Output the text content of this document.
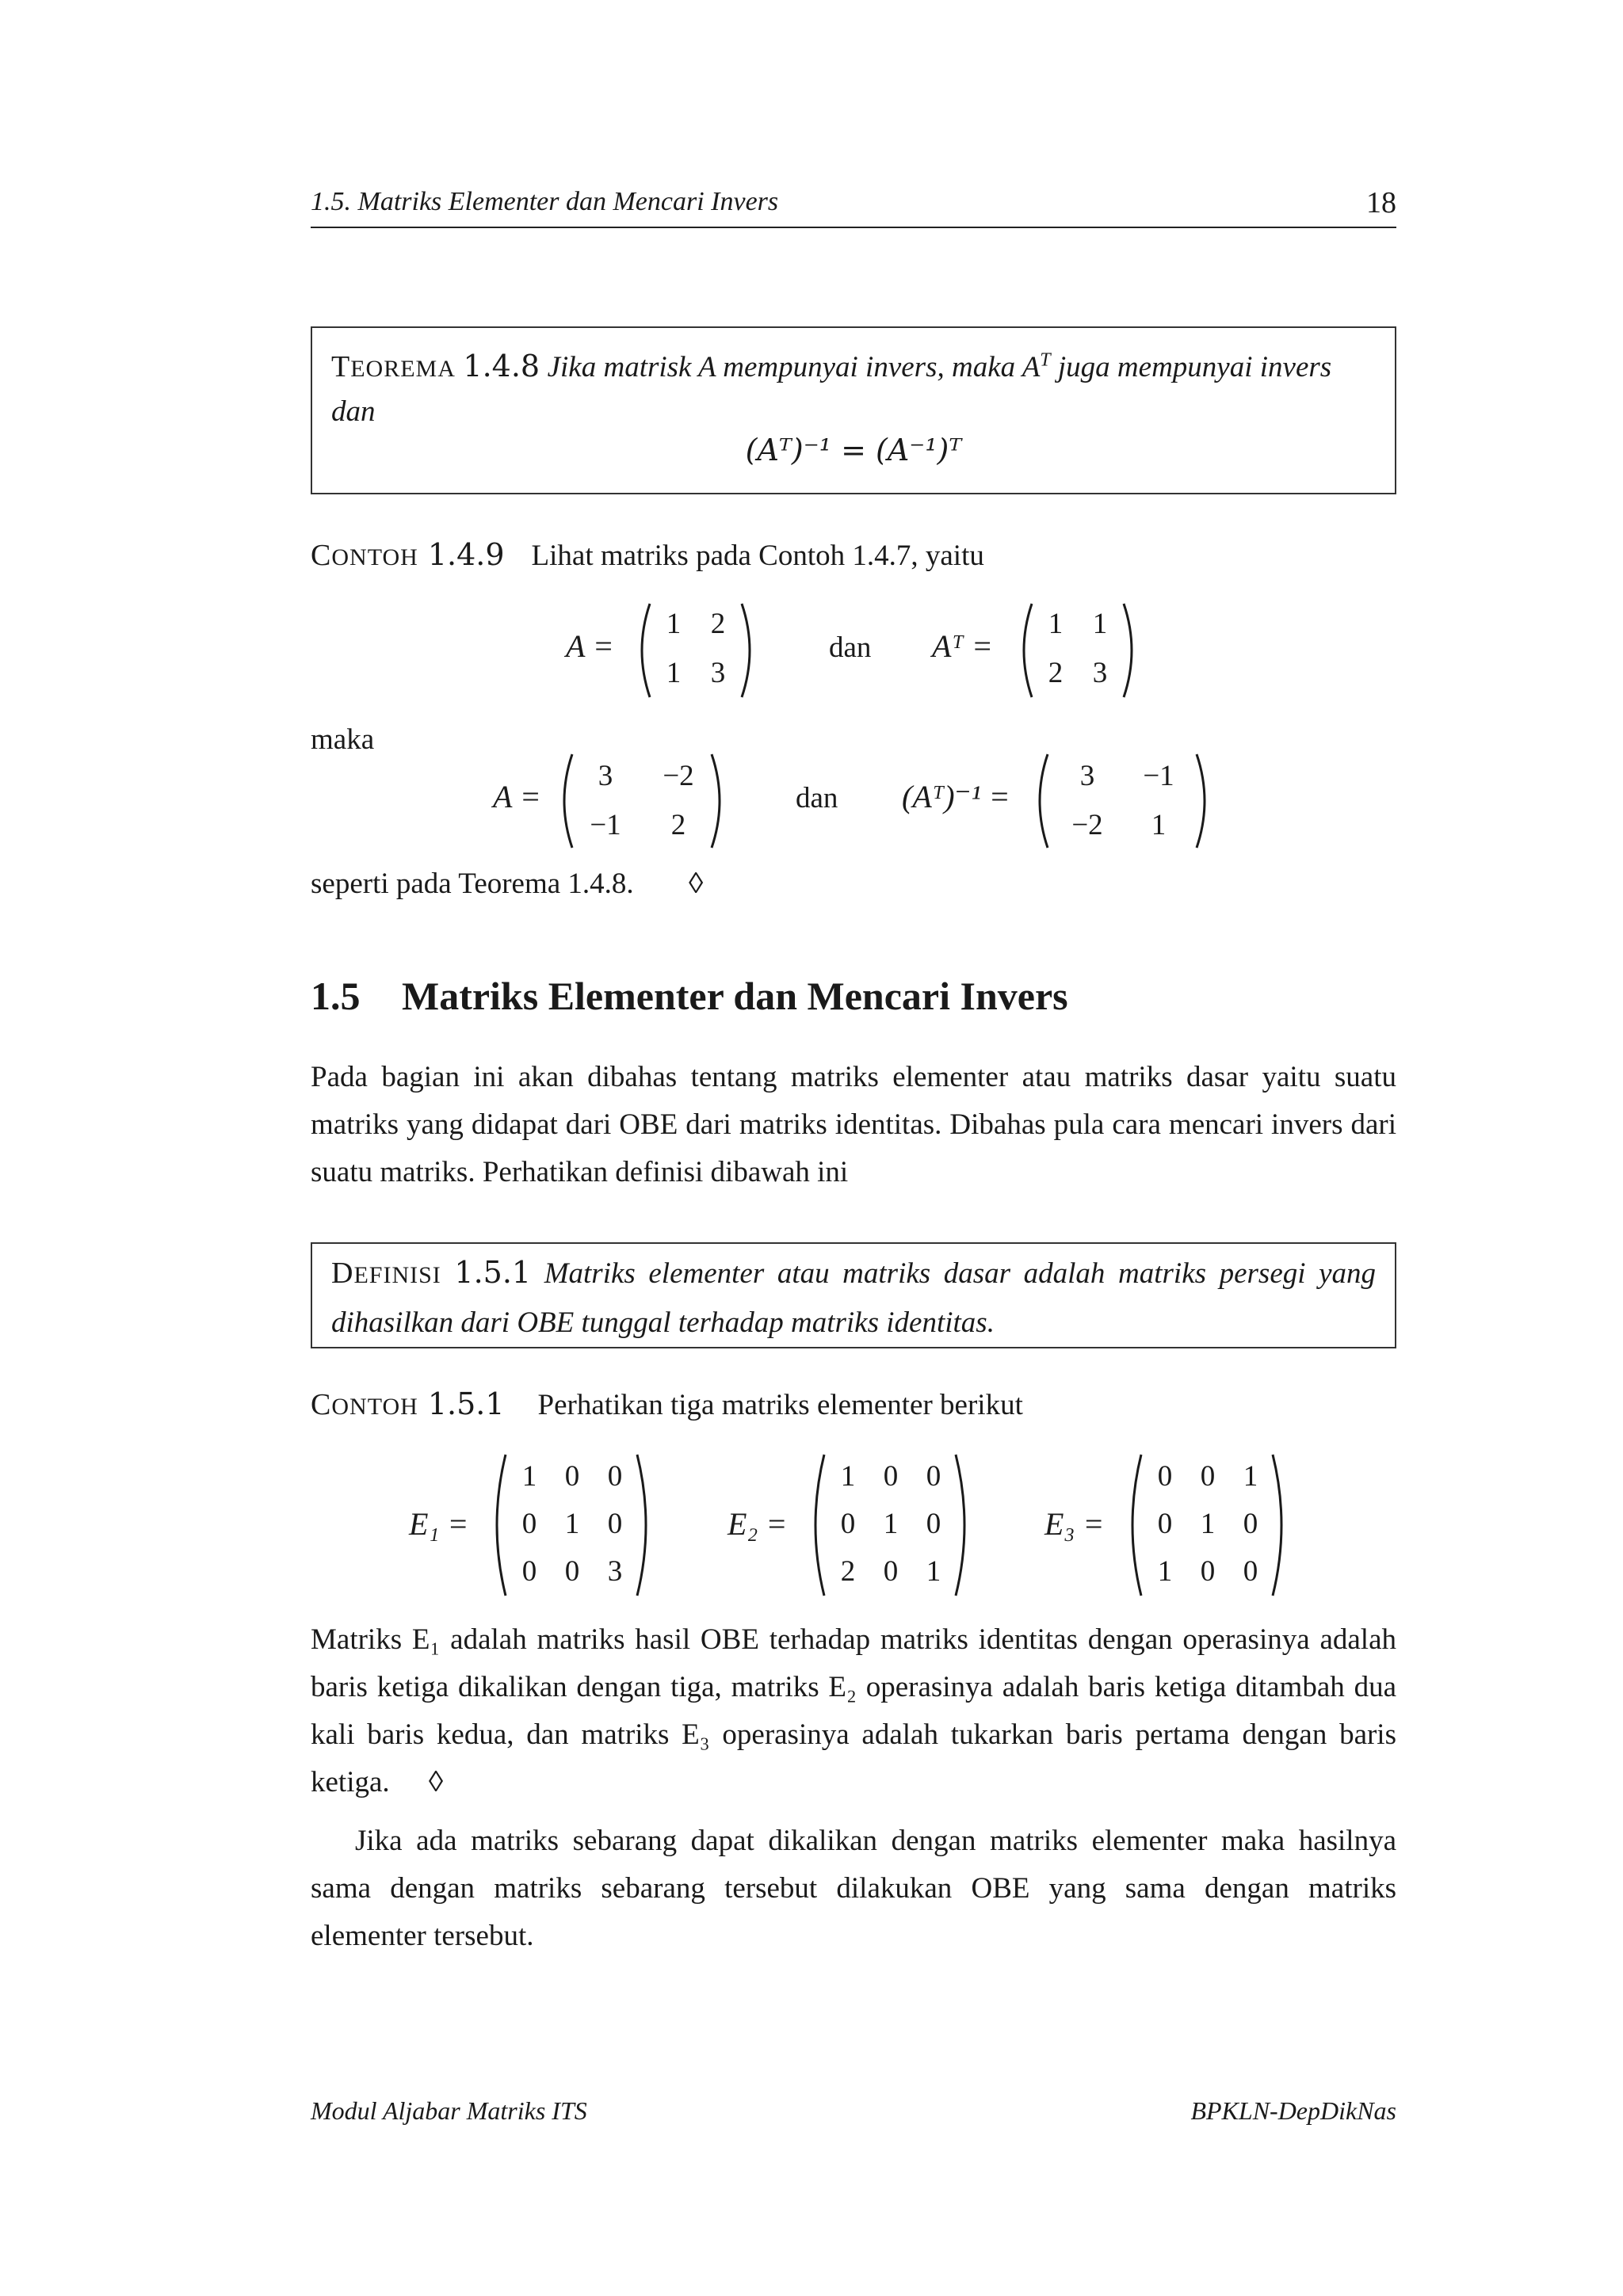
1.5. Matriks Elementer dan Mencari Invers	18
TEOREMA 1.4.8 Jika matrisk A mempunyai invers, maka $A^T$ juga mempunyai invers
dan
(Aᵀ)⁻¹ = (A⁻¹)ᵀ
CONTOH 1.4.9 Lihat matriks pada Contoh 1.4.7, yaitu
A =
1	2
1	3
dan Aᵀ =
1	1
2	3
maka
A =
3	−2
−1	2
dan (Aᵀ)⁻¹ =
3	−1
−2	1
seperti pada Teorema 1.4.8. ◊
1.5 Matriks Elementer dan Mencari Invers
Pada bagian ini akan dibahas tentang matriks elementer atau matriks dasar yaitu suatu matriks yang didapat dari OBE dari matriks identitas. Dibahas pula cara mencari invers dari suatu matriks. Perhatikan definisi dibawah ini
DEFINISI 1.5.1 Matriks elementer atau matriks dasar adalah matriks persegi yang dihasilkan dari OBE tunggal terhadap matriks identitas.
CONTOH 1.5.1 Perhatikan tiga matriks elementer berikut
E₁ =
1 0 0
0 1 0
0 0 3
E₂ =
1 0 0
0 1 0
2 0 1
E₃ =
0 0 1
0 1 0
1 0 0
Matriks E₁ adalah matriks hasil OBE terhadap matriks identitas dengan operasinya adalah baris ketiga dikalikan dengan tiga, matriks E₂ operasinya adalah baris ketiga ditambah dua kali baris kedua, dan matriks E₃ operasinya adalah tukarkan baris pertama dengan baris ketiga. ◊
Jika ada matriks sebarang dapat dikalikan dengan matriks elementer maka hasilnya sama dengan matriks sebarang tersebut dilakukan OBE yang sama dengan matriks elementer tersebut.
Modul Aljabar Matriks ITS	BPKLN-DepDikNas
